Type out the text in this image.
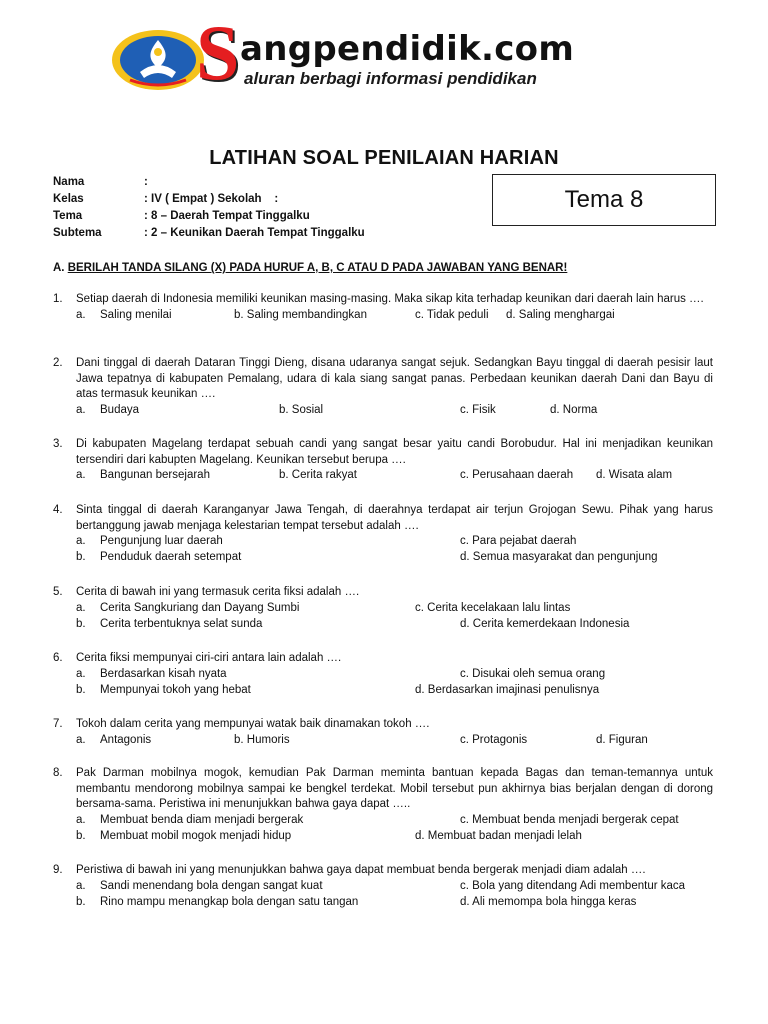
S angpendidik.com
aluran berbagi informasi pendidikan
LATIHAN SOAL PENILAIAN HARIAN
Nama	:
Kelas	: IV ( Empat ) Sekolah    :
Tema	: 8 – Daerah Tempat Tinggalku
Subtema	: 2 – Keunikan Daerah Tempat Tinggalku
Tema 8
A. BERILAH TANDA SILANG (X) PADA HURUF A, B, C ATAU D PADA JAWABAN YANG BENAR!
1. Setiap daerah di Indonesia memiliki keunikan masing-masing. Maka sikap kita terhadap keunikan dari daerah lain harus ….
a. Saling menilai	b. Saling membandingkan	c. Tidak peduli d. Saling menghargai
2. Dani tinggal di daerah Dataran Tinggi Dieng, disana udaranya sangat sejuk. Sedangkan Bayu tinggal di daerah pesisir laut Jawa tepatnya di kabupaten Pemalang, udara di kala siang sangat panas. Perbedaan keunikan daerah Dani dan Bayu di atas termasuk keunikan ….
a. Budaya	b. Sosial	c. Fisik	d. Norma
3. Di kabupaten Magelang terdapat sebuah candi yang sangat besar yaitu candi Borobudur. Hal ini menjadikan keunikan tersendiri dari kabupten Magelang. Keunikan tersebut berupa ….
a. Bangunan bersejarah	b. Cerita rakyat	c. Perusahaan daerah d. Wisata alam
4. Sinta tinggal di daerah Karanganyar Jawa Tengah, di daerahnya terdapat air terjun Grojogan Sewu. Pihak yang harus bertanggung jawab menjaga kelestarian tempat tersebut adalah ….
a. Pengunjung luar daerah	c. Para pejabat daerah
b. Penduduk daerah setempat	d. Semua masyarakat dan pengunjung
5. Cerita di bawah ini yang termasuk cerita fiksi adalah ….
a. Cerita Sangkuriang dan Dayang Sumbi	c. Cerita kecelakaan lalu lintas
b. Cerita terbentuknya selat sunda	d. Cerita kemerdekaan Indonesia
6. Cerita fiksi mempunyai ciri-ciri antara lain adalah ….
a. Berdasarkan kisah nyata	c. Disukai oleh semua orang
b. Mempunyai tokoh yang hebat	d. Berdasarkan imajinasi penulisnya
7. Tokoh dalam cerita yang mempunyai watak baik dinamakan tokoh ….
a. Antagonis	b. Humoris	c. Protagonis	d. Figuran
8. Pak Darman mobilnya mogok, kemudian Pak Darman meminta bantuan kepada Bagas dan teman-temannya untuk membantu mendorong mobilnya sampai ke bengkel terdekat. Mobil tersebut pun akhirnya bias berjalan dengan di dorong bersama-sama. Peristiwa ini menunjukkan bahwa gaya dapat …..
a. Membuat benda diam menjadi bergerak	c. Membuat benda menjadi bergerak cepat
b. Membuat mobil mogok menjadi hidup	d. Membuat badan menjadi lelah
9. Peristiwa di bawah ini yang menunjukkan bahwa gaya dapat membuat benda bergerak menjadi diam adalah ….
a. Sandi menendang bola dengan sangat kuat	c. Bola yang ditendang Adi membentur kaca
b. Rino mampu menangkap bola dengan satu tangan	d. Ali memompa bola hingga keras
